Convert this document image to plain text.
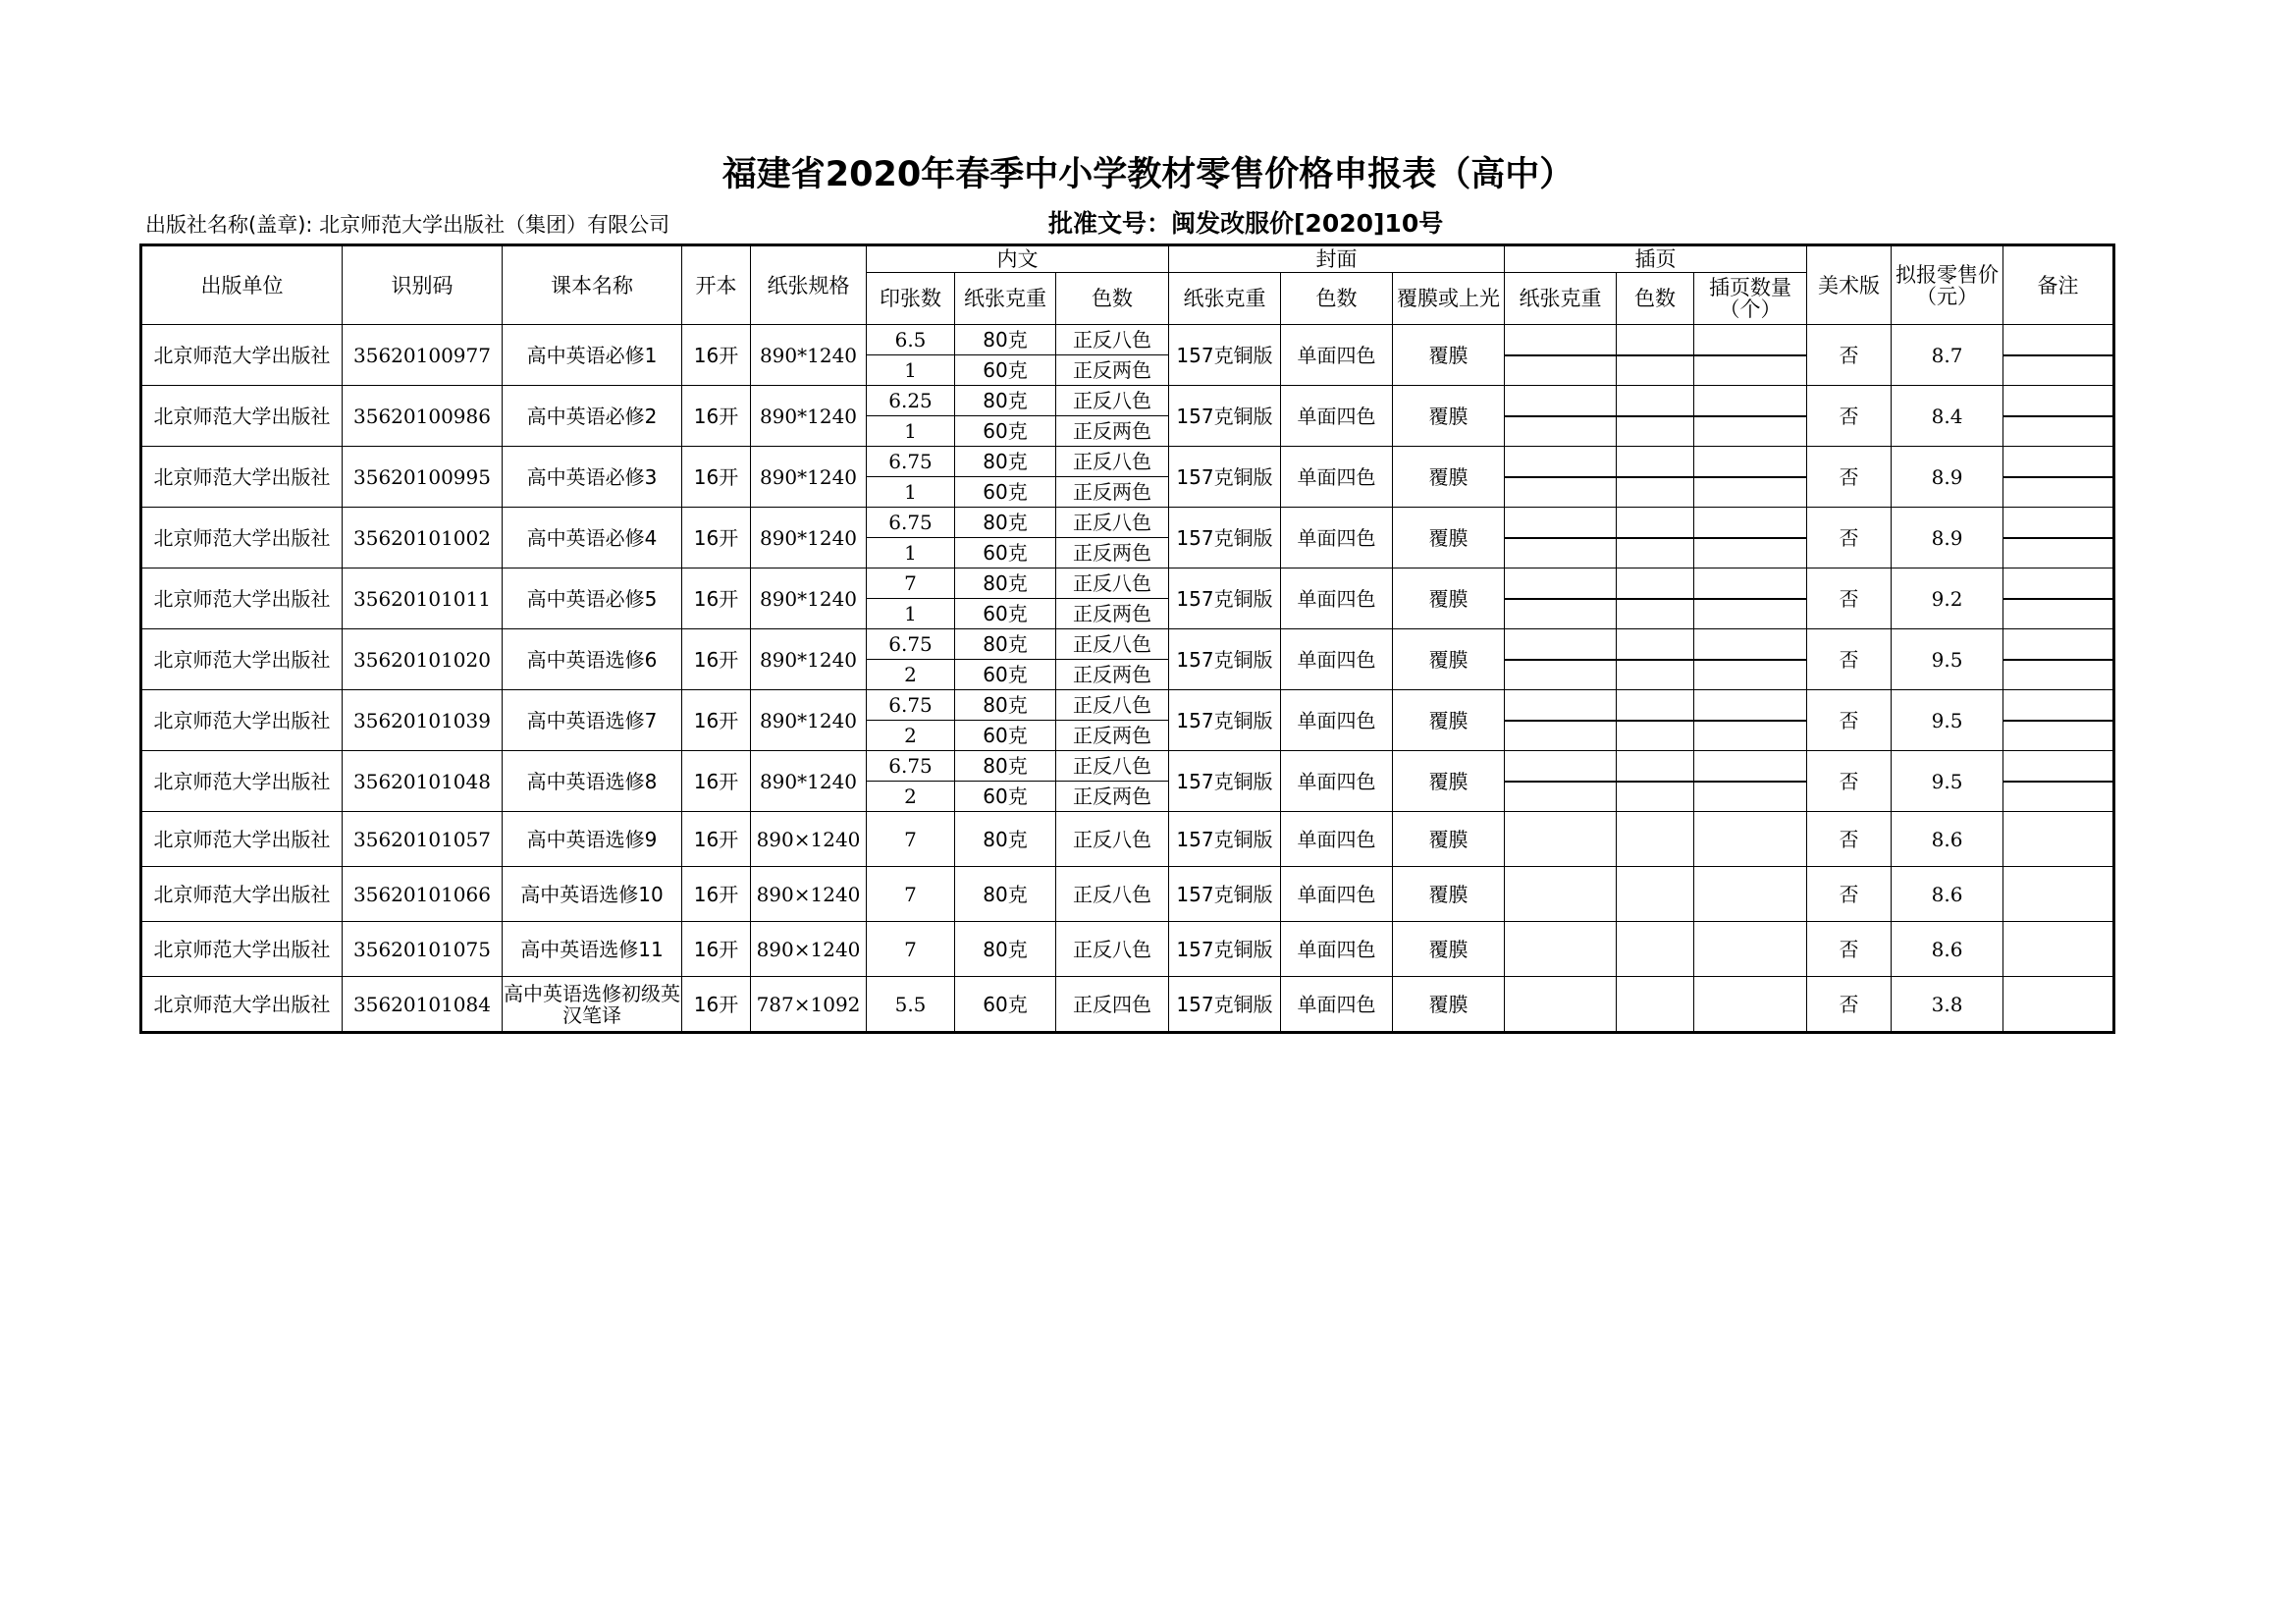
福建省2020年春季中小学教材零售价格申报表（高中）
出版社名称(盖章): 北京师范大学出版社（集团）有限公司	批准文号：闽发改服价[2020]10号
出版单位	识别码	课本名称	开本	纸张规格	内文			封面			插页			美术版	拟报零售价（元）	备注
					印张数	纸张克重	色数	纸张克重	色数	覆膜或上光	纸张克重	色数	插页数量（个）			
北京师范大学出版社	35620100977	高中英语必修1	16开	890*1240	6.5	80克	正反八色	157克铜版	单面四色	覆膜				否	8.7	
					1	60克	正反两色									
北京师范大学出版社	35620100986	高中英语必修2	16开	890*1240	6.25	80克	正反八色	157克铜版	单面四色	覆膜				否	8.4	
					1	60克	正反两色									
北京师范大学出版社	35620100995	高中英语必修3	16开	890*1240	6.75	80克	正反八色	157克铜版	单面四色	覆膜				否	8.9	
					1	60克	正反两色									
北京师范大学出版社	35620101002	高中英语必修4	16开	890*1240	6.75	80克	正反八色	157克铜版	单面四色	覆膜				否	8.9	
					1	60克	正反两色									
北京师范大学出版社	35620101011	高中英语必修5	16开	890*1240	7	80克	正反八色	157克铜版	单面四色	覆膜				否	9.2	
					1	60克	正反两色									
北京师范大学出版社	35620101020	高中英语选修6	16开	890*1240	6.75	80克	正反八色	157克铜版	单面四色	覆膜				否	9.5	
					2	60克	正反两色									
北京师范大学出版社	35620101039	高中英语选修7	16开	890*1240	6.75	80克	正反八色	157克铜版	单面四色	覆膜				否	9.5	
					2	60克	正反两色									
北京师范大学出版社	35620101048	高中英语选修8	16开	890*1240	6.75	80克	正反八色	157克铜版	单面四色	覆膜				否	9.5	
					2	60克	正反两色									
北京师范大学出版社	35620101057	高中英语选修9	16开	890×1240	7	80克	正反八色	157克铜版	单面四色	覆膜				否	8.6	
北京师范大学出版社	35620101066	高中英语选修10	16开	890×1240	7	80克	正反八色	157克铜版	单面四色	覆膜				否	8.6	
北京师范大学出版社	35620101075	高中英语选修11	16开	890×1240	7	80克	正反八色	157克铜版	单面四色	覆膜				否	8.6	
北京师范大学出版社	35620101084	高中英语选修初级英汉笔译	16开	787×1092	5.5	60克	正反四色	157克铜版	单面四色	覆膜				否	3.8	
